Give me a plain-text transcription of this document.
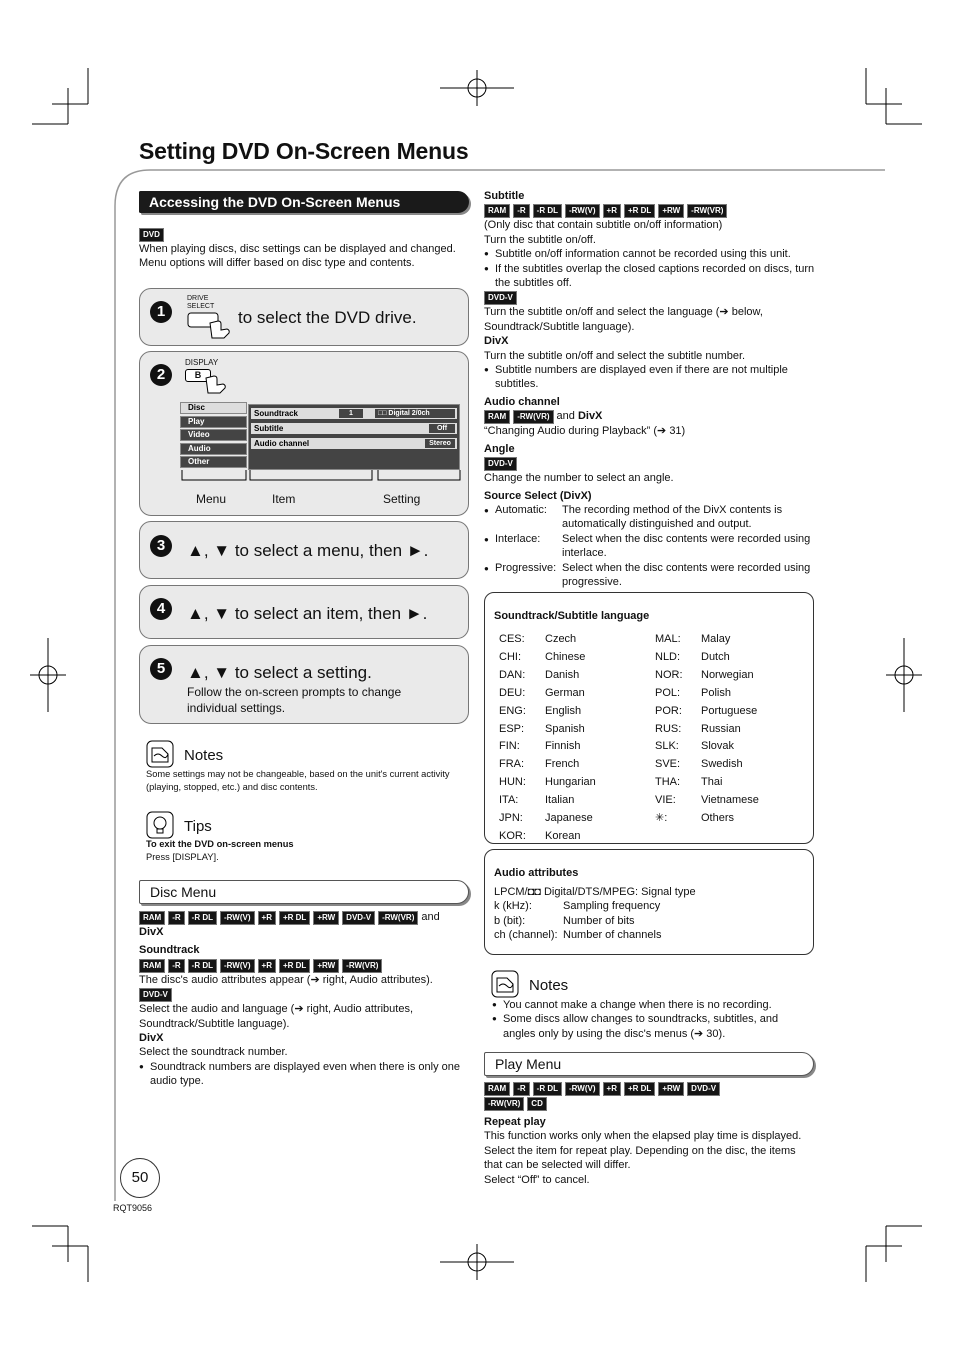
Setting DVD On-Screen Menus
Accessing the DVD On-Screen Menus
DVD

When playing discs, disc settings can be displayed and changed.
Menu options will differ based on disc type and contents.
1
DRIVE SELECT
to select the DVD drive.
2
DISPLAY
B
Disc
Play
Video
Audio
Other
Soundtrack	1	□□ Digital 2/0ch
Subtitle	Off
Audio channel	Stereo
Menu	Item	Setting
3	▲, ▼ to select a menu, then ►.
4	▲, ▼ to select an item, then ►.
5	▲, ▼ to select a setting.
Follow the on-screen prompts to change individual settings.
Notes
Some settings may not be changeable, based on the unit's current activity (playing, stopped, etc.) and disc contents.
Tips
To exit the DVD on-screen menus
Press [DISPLAY].
Disc Menu
RAM -R -R DL -RW(V) +R +R DL +RW DVD-V -RW(VR) and
DivX
Soundtrack
RAM -R -R DL -RW(V) +R +R DL +RW -RW(VR)
The disc's audio attributes appear (➔ right, Audio attributes).
DVD-V
Select the audio and language (➔ right, Audio attributes, Soundtrack/Subtitle language).
DivX
Select the soundtrack number.
● Soundtrack numbers are displayed even when there is only one audio type.
50
RQT9056
Subtitle
RAM -R -R DL -RW(V) +R +R DL +RW -RW(VR)
(Only disc that contain subtitle on/off information)
Turn the subtitle on/off.
● Subtitle on/off information cannot be recorded using this unit.
● If the subtitles overlap the closed captions recorded on discs, turn the subtitles off.
DVD-V
Turn the subtitle on/off and select the language (➔ below, Soundtrack/Subtitle language).
DivX
Turn the subtitle on/off and select the subtitle number.
● Subtitle numbers are displayed even if there are not multiple subtitles.
Audio channel
RAM -RW(VR) and DivX
“Changing Audio during Playback” (➔ 31)
Angle
DVD-V
Change the number to select an angle.
Source Select (DivX)
● Automatic: The recording method of the DivX contents is automatically distinguished and output.
● Interlace: Select when the disc contents were recorded using interlace.
● Progressive: Select when the disc contents were recorded using progressive.
Soundtrack/Subtitle language
CES:	Czech
CHI:	Chinese
DAN:	Danish
DEU:	German
ENG:	English
ESP:	Spanish
FIN:	Finnish
FRA:	French
HUN:	Hungarian
ITA:	Italian
JPN:	Japanese
KOR:	Korean
MAL:	Malay
NLD:	Dutch
NOR:	Norwegian
POL:	Polish
POR:	Portuguese
RUS:	Russian
SLK:	Slovak
SVE:	Swedish
THA:	Thai
VIE:	Vietnamese
✳:	Others
Audio attributes
LPCM/◘◘ Digital/DTS/MPEG: Signal type
k (kHz):	Sampling frequency
b (bit):	Number of bits
ch (channel): Number of channels
Notes
● You cannot make a change when there is no recording.
● Some discs allow changes to soundtracks, subtitles, and angles only by using the disc's menus (➔ 30).
Play Menu
RAM -R -R DL -RW(V) +R +R DL +RW DVD-V
-RW(VR) CD
Repeat play
This function works only when the elapsed play time is displayed. Select the item for repeat play. Depending on the disc, the items that can be selected will differ.
Select “Off” to cancel.
